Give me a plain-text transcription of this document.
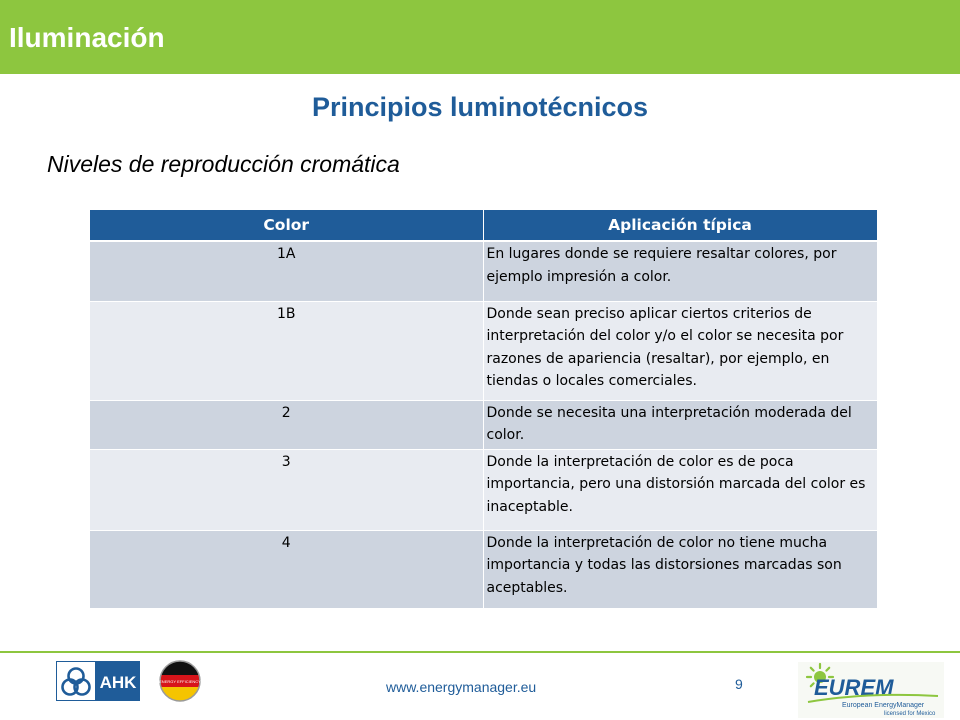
Iluminación
Principios luminotécnicos

Niveles de reproducción cromática

Color	Aplicación típica
1A	En lugares donde se requiere resaltar colores, por ejemplo impresión a color.
1B	Donde sean preciso aplicar ciertos criterios de interpretación del color y/o el color se necesita por razones de apariencia (resaltar), por ejemplo, en tiendas o locales comerciales.
2	Donde se necesita una interpretación moderada del color.
3	Donde la interpretación de color es de poca importancia, pero una distorsión marcada del color es inaceptable.
4	Donde la interpretación de color no tiene mucha importancia y todas las distorsiones marcadas son aceptables.
AHK	ENERGY EFFICIENCY	www.energymanager.eu	9	EUREM
European EnergyManager
licensed for Mexico
